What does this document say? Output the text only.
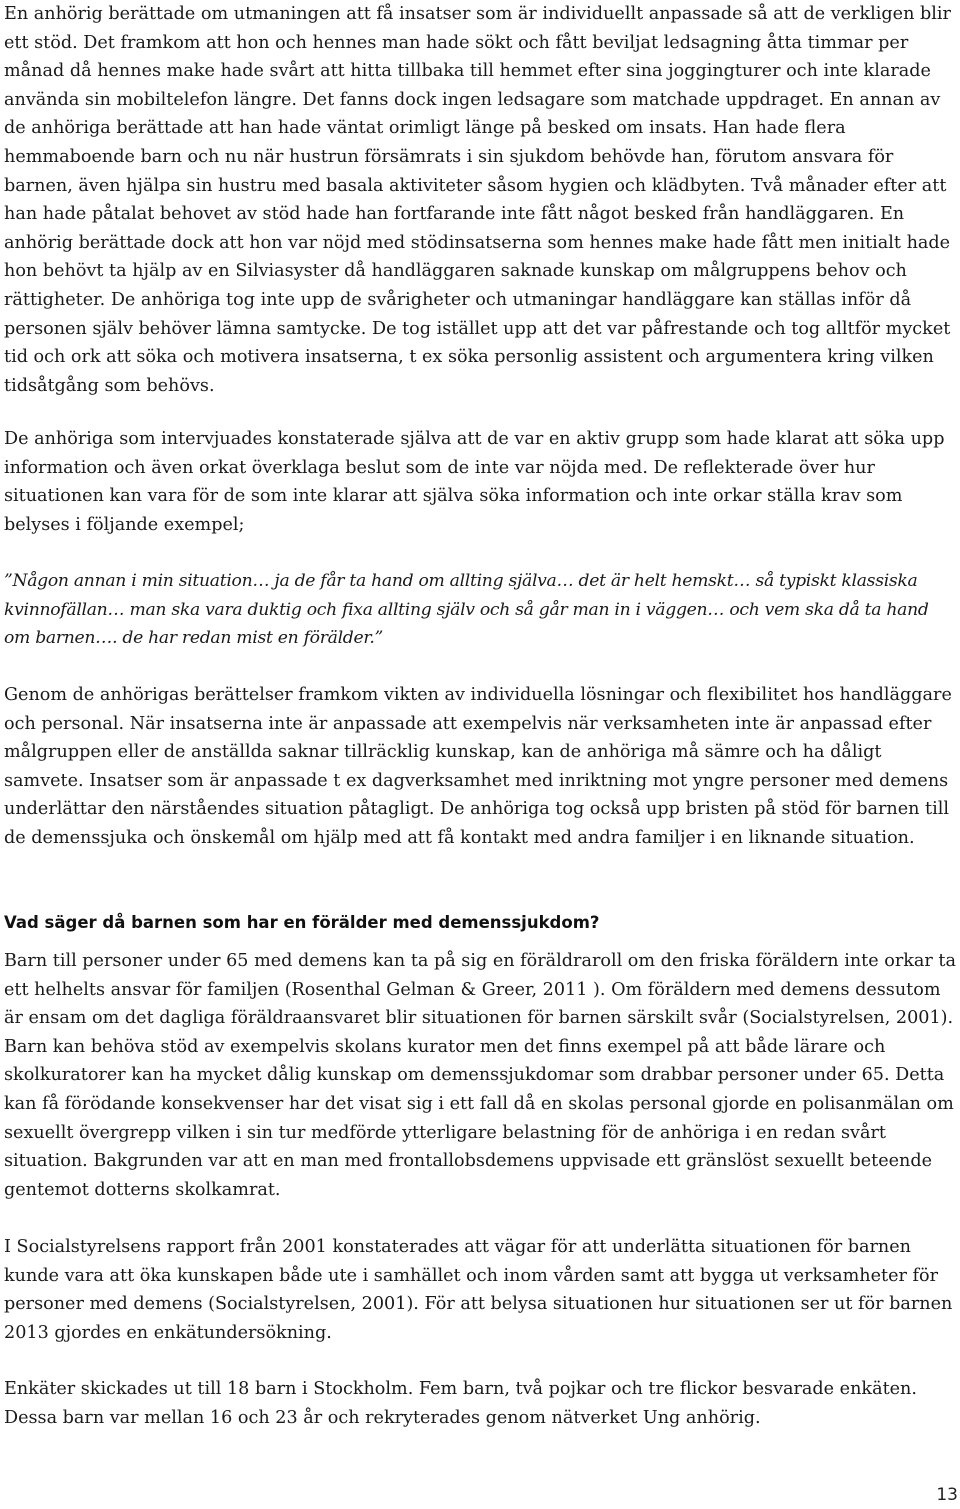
En anhörig berättade om utmaningen att få insatser som är individuellt anpassade så att de verkligen blir ett stöd. Det framkom att hon och hennes man hade sökt och fått beviljat ledsagning åtta timmar per månad då hennes make hade svårt att hitta tillbaka till hemmet efter sina joggingturer och inte klarade använda sin mobiltelefon längre. Det fanns dock ingen ledsagare som matchade uppdraget. En annan av de anhöriga berättade att han hade väntat orimligt länge på besked om insats. Han hade flera hemmaboende barn och nu när hustrun försämrats i sin sjukdom behövde han, förutom ansvara för barnen, även hjälpa sin hustru med basala aktiviteter såsom hygien och klädbyten. Två månader efter att han hade påtalat behovet av stöd hade han fortfarande inte fått något besked från handläggaren. En anhörig berättade dock att hon var nöjd med stödinsatserna som hennes make hade fått men initialt hade hon behövt ta hjälp av en Silviasyster då handläggaren saknade kunskap om målgruppens behov och rättigheter. De anhöriga tog inte upp de svårigheter och utmaningar handläggare kan ställas inför då personen själv behöver lämna samtycke. De tog istället upp att det var påfrestande och tog alltför mycket tid och ork att söka och motivera insatserna, t ex söka personlig assistent och argumentera kring vilken tidsåtgång som behövs.

De anhöriga som intervjuades konstaterade själva att de var en aktiv grupp som hade klarat att söka upp information och även orkat överklaga beslut som de inte var nöjda med. De reflekterade över hur situationen kan vara för de som inte klarar att själva söka information och inte orkar ställa krav som belyses i följande exempel;

”Någon annan i min situation… ja de får ta hand om allting själva… det är helt hemskt… så typiskt klassiska kvinnofällan… man ska vara duktig och fixa allting själv och så går man in i väggen… och vem ska då ta hand om barnen…. de har redan mist en förälder.”

Genom de anhörigas berättelser framkom vikten av individuella lösningar och flexibilitet hos handläggare och personal. När insatserna inte är anpassade att exempelvis när verksamheten inte är anpassad efter målgruppen eller de anställda saknar tillräcklig kunskap, kan de anhöriga må sämre och ha dåligt samvete. Insatser som är anpassade t ex dagverksamhet med inriktning mot yngre personer med demens underlättar den närståendes situation påtagligt. De anhöriga tog också upp bristen på stöd för barnen till de demenssjuka och önskemål om hjälp med att få kontakt med andra familjer i en liknande situation.

Vad säger då barnen som har en förälder med demenssjukdom?

Barn till personer under 65 med demens kan ta på sig en föräldraroll om den friska föräldern inte orkar ta ett helhelts ansvar för familjen (Rosenthal Gelman & Greer, 2011 ). Om föräldern med demens dessutom är ensam om det dagliga föräldraansvaret blir situationen för barnen särskilt svår (Socialstyrelsen, 2001). Barn kan behöva stöd av exempelvis skolans kurator men det finns exempel på att både lärare och skolkuratorer kan ha mycket dålig kunskap om demenssjukdomar som drabbar personer under 65. Detta kan få förödande konsekvenser har det visat sig i ett fall då en skolas personal gjorde en polisanmälan om sexuellt övergrepp vilken i sin tur medförde ytterligare belastning för de anhöriga i en redan svårt situation. Bakgrunden var att en man med frontallobsdemens uppvisade ett gränslöst sexuellt beteende gentemot dotterns skolkamrat.

I Socialstyrelsens rapport från 2001 konstaterades att vägar för att underlätta situationen för barnen kunde vara att öka kunskapen både ute i samhället och inom vården samt att bygga ut verksamheter för personer med demens (Socialstyrelsen, 2001). För att belysa situationen hur situationen ser ut för barnen 2013 gjordes en enkätundersökning.

Enkäter skickades ut till 18 barn i Stockholm. Fem barn, två pojkar och tre flickor besvarade enkäten. Dessa barn var mellan 16 och 23 år och rekryterades genom nätverket Ung anhörig.

13
